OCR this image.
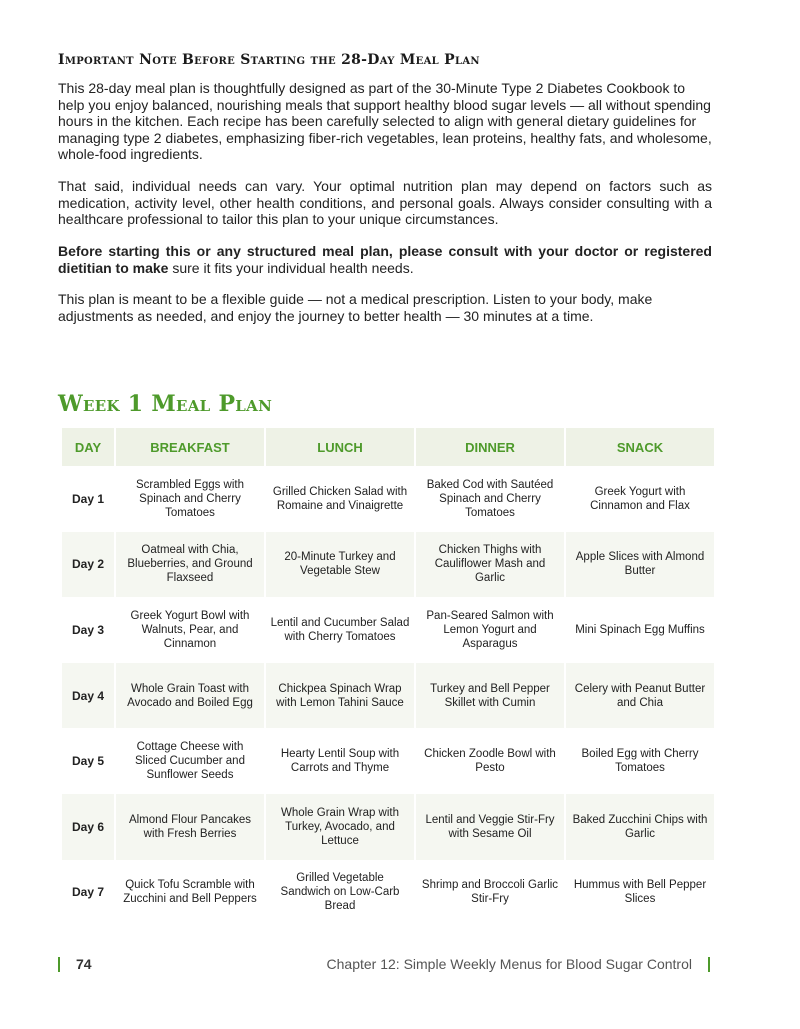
Important Note Before Starting the 28-Day Meal Plan

This 28-day meal plan is thoughtfully designed as part of the 30-Minute Type 2 Diabetes Cookbook to help you enjoy balanced, nourishing meals that support healthy blood sugar levels — all without spending hours in the kitchen. Each recipe has been carefully selected to align with general dietary guidelines for managing type 2 diabetes, emphasizing fiber-rich vegetables, lean proteins, healthy fats, and wholesome, whole-food ingredients.

That said, individual needs can vary. Your optimal nutrition plan may depend on factors such as medication, activity level, other health conditions, and personal goals. Always consider consulting with a healthcare professional to tailor this plan to your unique circumstances.

Before starting this or any structured meal plan, please consult with your doctor or registered dietitian to make sure it fits your individual health needs.

This plan is meant to be a flexible guide — not a medical prescription. Listen to your body, make adjustments as needed, and enjoy the journey to better health — 30 minutes at a time.

Week 1 Meal Plan
DAY	BREAKFAST	LUNCH	DINNER	SNACK
Day 1	Scrambled Eggs with Spinach and Cherry Tomatoes	Grilled Chicken Salad with Romaine and Vinaigrette	Baked Cod with Sautéed Spinach and Cherry Tomatoes	Greek Yogurt with Cinnamon and Flax
Day 2	Oatmeal with Chia, Blueberries, and Ground Flaxseed	20-Minute Turkey and Vegetable Stew	Chicken Thighs with Cauliflower Mash and Garlic	Apple Slices with Almond Butter
Day 3	Greek Yogurt Bowl with Walnuts, Pear, and Cinnamon	Lentil and Cucumber Salad with Cherry Tomatoes	Pan-Seared Salmon with Lemon Yogurt and Asparagus	Mini Spinach Egg Muffins
Day 4	Whole Grain Toast with Avocado and Boiled Egg	Chickpea Spinach Wrap with Lemon Tahini Sauce	Turkey and Bell Pepper Skillet with Cumin	Celery with Peanut Butter and Chia
Day 5	Cottage Cheese with Sliced Cucumber and Sunflower Seeds	Hearty Lentil Soup with Carrots and Thyme	Chicken Zoodle Bowl with Pesto	Boiled Egg with Cherry Tomatoes
Day 6	Almond Flour Pancakes with Fresh Berries	Whole Grain Wrap with Turkey, Avocado, and Lettuce	Lentil and Veggie Stir-Fry with Sesame Oil	Baked Zucchini Chips with Garlic
Day 7	Quick Tofu Scramble with Zucchini and Bell Peppers	Grilled Vegetable Sandwich on Low-Carb Bread	Shrimp and Broccoli Garlic Stir-Fry	Hummus with Bell Pepper Slices
74	Chapter 12: Simple Weekly Menus for Blood Sugar Control
